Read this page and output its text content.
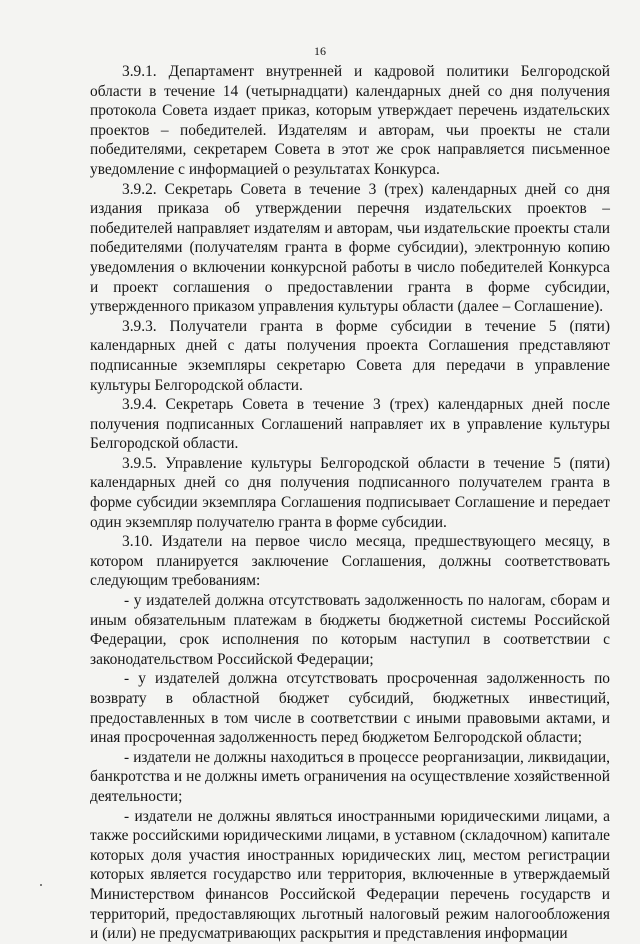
16

3.9.1. Департамент внутренней и кадровой политики Белгородской области в течение 14 (четырнадцати) календарных дней со дня получения протокола Совета издает приказ, которым утверждает перечень издательских проектов – победителей. Издателям и авторам, чьи проекты не стали победителями, секретарем Совета в этот же срок направляется письменное уведомление с информацией о результатах Конкурса.

3.9.2. Секретарь Совета в течение 3 (трех) календарных дней со дня издания приказа об утверждении перечня издательских проектов – победителей направляет издателям и авторам, чьи издательские проекты стали победителями (получателям гранта в форме субсидии), электронную копию уведомления о включении конкурсной работы в число победителей Конкурса и проект соглашения о предоставлении гранта в форме субсидии, утвержденного приказом управления культуры области (далее – Соглашение).

3.9.3. Получатели гранта в форме субсидии в течение 5 (пяти) календарных дней с даты получения проекта Соглашения представляют подписанные экземпляры секретарю Совета для передачи в управление культуры Белгородской области.

3.9.4. Секретарь Совета в течение 3 (трех) календарных дней после получения подписанных Соглашений направляет их в управление культуры Белгородской области.

3.9.5. Управление культуры Белгородской области в течение 5 (пяти) календарных дней со дня получения подписанного получателем гранта в форме субсидии экземпляра Соглашения подписывает Соглашение и передает один экземпляр получателю гранта в форме субсидии.

3.10. Издатели на первое число месяца, предшествующего месяцу, в котором планируется заключение Соглашения, должны соответствовать следующим требованиям:

- у издателей должна отсутствовать задолженность по налогам, сборам и иным обязательным платежам в бюджеты бюджетной системы Российской Федерации, срок исполнения по которым наступил в соответствии с законодательством Российской Федерации;

- у издателей должна отсутствовать просроченная задолженность по возврату в областной бюджет субсидий, бюджетных инвестиций, предоставленных в том числе в соответствии с иными правовыми актами, и иная просроченная задолженность перед бюджетом Белгородской области;

- издатели не должны находиться в процессе реорганизации, ликвидации, банкротства и не должны иметь ограничения на осуществление хозяйственной деятельности;

- издатели не должны являться иностранными юридическими лицами, а также российскими юридическими лицами, в уставном (складочном) капитале которых доля участия иностранных юридических лиц, местом регистрации которых является государство или территория, включенные в утверждаемый Министерством финансов Российской Федерации перечень государств и территорий, предоставляющих льготный налоговый режим налогообложения и (или) не предусматривающих раскрытия и представления информации
